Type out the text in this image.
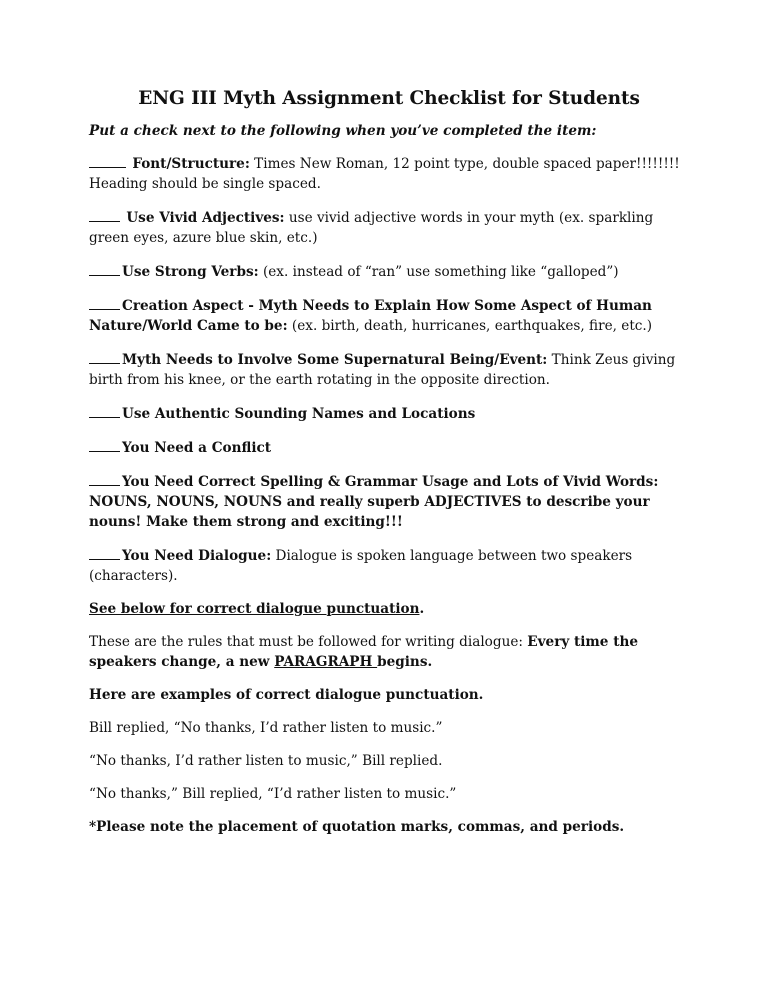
ENG III Myth Assignment Checklist for Students
Put a check next to the following when you’ve completed the item:
Font/Structure: Times New Roman, 12 point type, double spaced paper!!!!!!!! Heading should be single spaced.
Use Vivid Adjectives: use vivid adjective words in your myth (ex. sparkling green eyes, azure blue skin, etc.)
Use Strong Verbs: (ex. instead of “ran” use something like “galloped”)
Creation Aspect - Myth Needs to Explain How Some Aspect of Human Nature/World Came to be: (ex. birth, death, hurricanes, earthquakes, fire, etc.)
Myth Needs to Involve Some Supernatural Being/Event: Think Zeus giving birth from his knee, or the earth rotating in the opposite direction.
Use Authentic Sounding Names and Locations
You Need a Conflict
You Need Correct Spelling & Grammar Usage and Lots of Vivid Words: NOUNS, NOUNS, NOUNS and really superb ADJECTIVES to describe your nouns! Make them strong and exciting!!!
You Need Dialogue: Dialogue is spoken language between two speakers (characters).
See below for correct dialogue punctuation.
These are the rules that must be followed for writing dialogue: Every time the speakers change, a new PARAGRAPH begins.
Here are examples of correct dialogue punctuation.
Bill replied, “No thanks, I’d rather listen to music.”
“No thanks, I’d rather listen to music,” Bill replied.
“No thanks,” Bill replied, “I’d rather listen to music.”
*Please note the placement of quotation marks, commas, and periods.
